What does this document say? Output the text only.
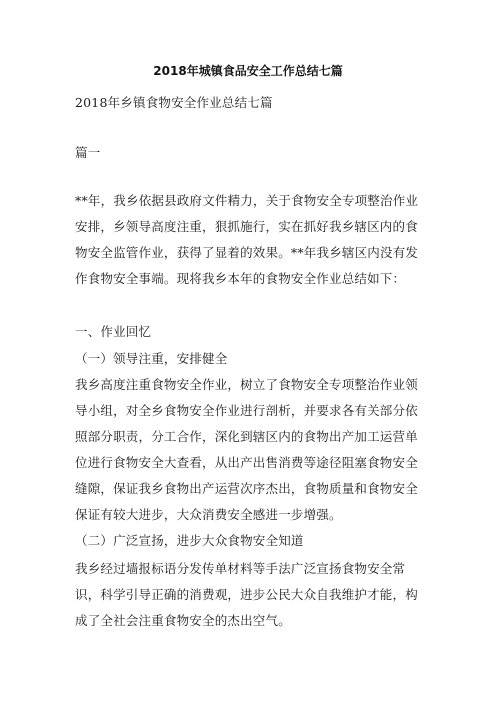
2018年城镇食品安全工作总结七篇
2018年乡镇食物安全作业总结七篇
篇一
**年，我乡依据县政府文件精力，关于食物安全专项整治作业安排，乡领导高度注重，狠抓施行，实在抓好我乡辖区内的食物安全监管作业，获得了显着的效果。**年我乡辖区内没有发作食物安全事端。现将我乡本年的食物安全作业总结如下：
一、作业回忆
（一）领导注重，安排健全
我乡高度注重食物安全作业，树立了食物安全专项整治作业领导小组，对全乡食物安全作业进行剖析，并要求各有关部分依照部分职责，分工合作，深化到辖区内的食物出产加工运营单位进行食物安全大查看，从出产出售消费等途径阻塞食物安全缝隙，保证我乡食物出产运营次序杰出，食物质量和食物安全保证有较大进步，大众消费安全感进一步增强。
（二）广泛宣扬，进步大众食物安全知道
我乡经过墙报标语分发传单材料等手法广泛宣扬食物安全常识，科学引导正确的消费观，进步公民大众自我维护才能，构成了全社会注重食物安全的杰出空气。
